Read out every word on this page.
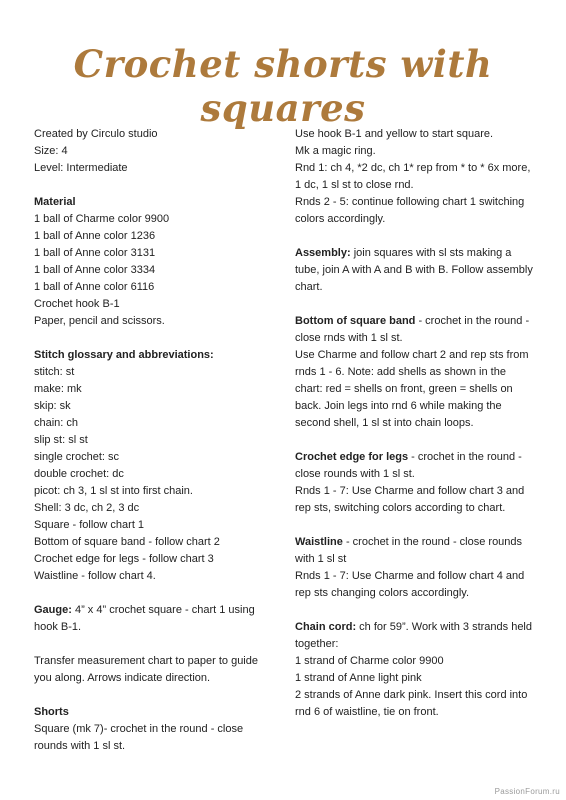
Crochet shorts with squares
Created by Circulo studio
Size: 4
Level: Intermediate
Material
1 ball of Charme color 9900
1 ball of Anne color 1236
1 ball of Anne color 3131
1 ball of Anne color 3334
1 ball of Anne color 6116
Crochet hook B-1
Paper, pencil and scissors.
Stitch glossary and abbreviations:
stitch: st
make: mk
skip: sk
chain: ch
slip st: sl st
single crochet: sc
double crochet: dc
picot: ch 3, 1 sl st into first chain.
Shell: 3 dc, ch 2, 3 dc
Square - follow chart 1
Bottom of square band - follow chart 2
Crochet edge for legs - follow chart 3
Waistline - follow chart 4.
Gauge: 4” x 4” crochet square - chart 1 using hook B-1.
Transfer measurement chart to paper to guide you along. Arrows indicate direction.
Shorts
Square (mk 7)- crochet in the round - close rounds with 1 sl st.
Use hook B-1 and yellow to start square.
Mk a magic ring.
Rnd 1: ch 4, *2 dc, ch 1* rep from * to * 6x more, 1 dc, 1 sl st to close rnd.
Rnds 2 - 5: continue following chart 1 switching colors accordingly.
Assembly: join squares with sl sts making a tube, join A with A and B with B. Follow assembly chart.
Bottom of square band - crochet in the round - close rnds with 1 sl st.
Use Charme and follow chart 2 and rep sts from rnds 1 - 6. Note: add shells as shown in the chart: red = shells on front, green = shells on back. Join legs into rnd 6 while making the second shell, 1 sl st into chain loops.
Crochet edge for legs - crochet in the round - close rounds with 1 sl st.
Rnds 1 - 7: Use Charme and follow chart 3 and rep sts, switching colors according to chart.
Waistline - crochet in the round - close rounds with 1 sl st
Rnds 1 - 7: Use Charme and follow chart 4 and rep sts changing colors accordingly.
Chain cord: ch for 59”. Work with 3 strands held together:
1 strand of Charme color 9900
1 strand of Anne light pink
2 strands of Anne dark pink. Insert this cord into rnd 6 of waistline, tie on front.
PassionForum.ru
